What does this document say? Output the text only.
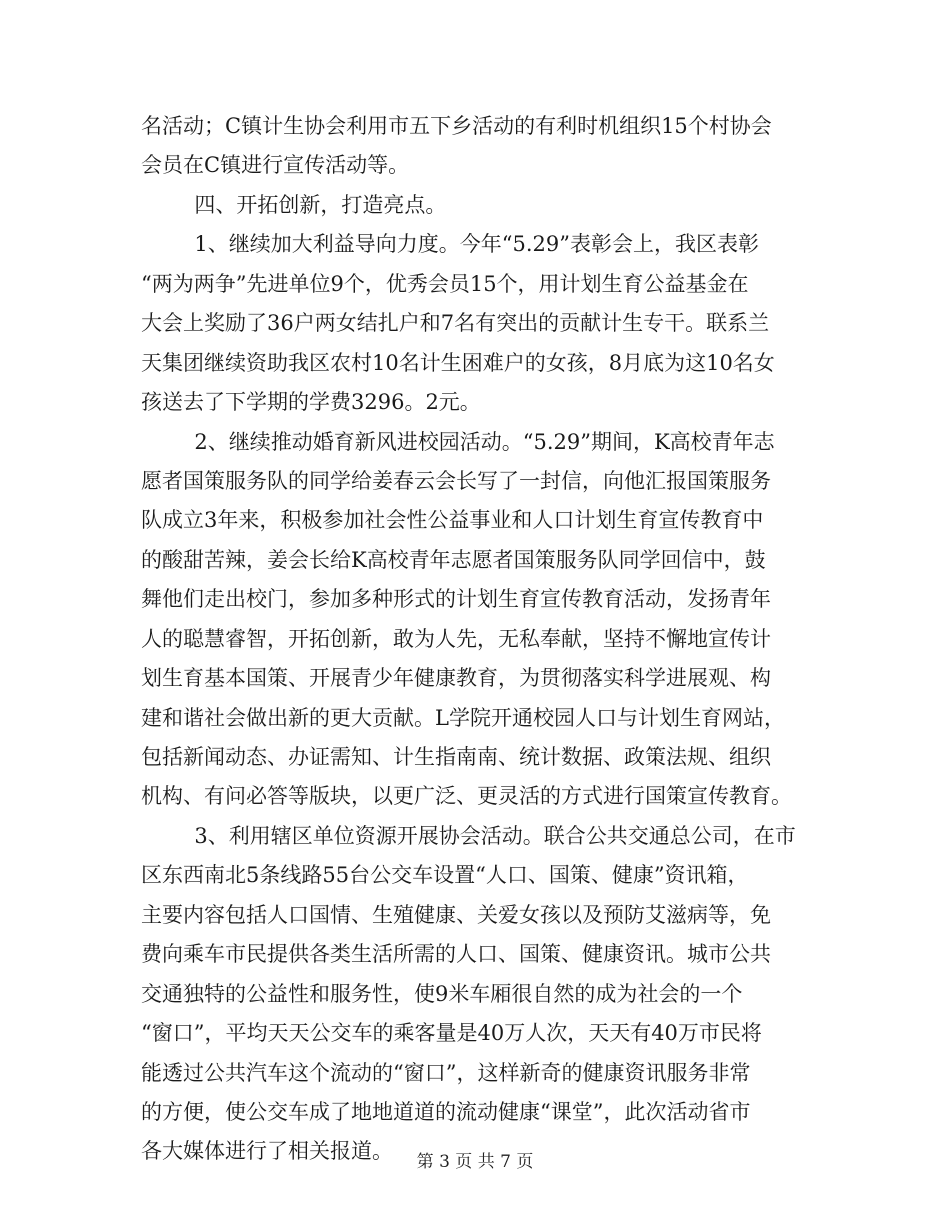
名活动；C镇计生协会利用市五下乡活动的有利时机组织15个村协会
会员在C镇进行宣传活动等。
四、开拓创新，打造亮点。
1、继续加大利益导向力度。今年“5.29”表彰会上，我区表彰
“两为两争”先进单位9个，优秀会员15个，用计划生育公益基金在
大会上奖励了36户两女结扎户和7名有突出的贡献计生专干。联系兰
天集团继续资助我区农村10名计生困难户的女孩，8月底为这10名女
孩送去了下学期的学费3296。2元。
2、继续推动婚育新风进校园活动。“5.29”期间，K高校青年志
愿者国策服务队的同学给姜春云会长写了一封信，向他汇报国策服务
队成立3年来，积极参加社会性公益事业和人口计划生育宣传教育中
的酸甜苦辣，姜会长给K高校青年志愿者国策服务队同学回信中，鼓
舞他们走出校门，参加多种形式的计划生育宣传教育活动，发扬青年
人的聪慧睿智，开拓创新，敢为人先，无私奉献，坚持不懈地宣传计
划生育基本国策、开展青少年健康教育，为贯彻落实科学进展观、构
建和谐社会做出新的更大贡献。L学院开通校园人口与计划生育网站，
包括新闻动态、办证需知、计生指南南、统计数据、政策法规、组织
机构、有问必答等版块，以更广泛、更灵活的方式进行国策宣传教育。
3、利用辖区单位资源开展协会活动。联合公共交通总公司，在市
区东西南北5条线路55台公交车设置“人口、国策、健康”资讯箱，
主要内容包括人口国情、生殖健康、关爱女孩以及预防艾滋病等，免
费向乘车市民提供各类生活所需的人口、国策、健康资讯。城市公共
交通独特的公益性和服务性，使9米车厢很自然的成为社会的一个
“窗口”，平均天天公交车的乘客量是40万人次，天天有40万市民将
能透过公共汽车这个流动的“窗口”，这样新奇的健康资讯服务非常
的方便，使公交车成了地地道道的流动健康“课堂”，此次活动省市
各大媒体进行了相关报道。	第 3 页 共 7 页
